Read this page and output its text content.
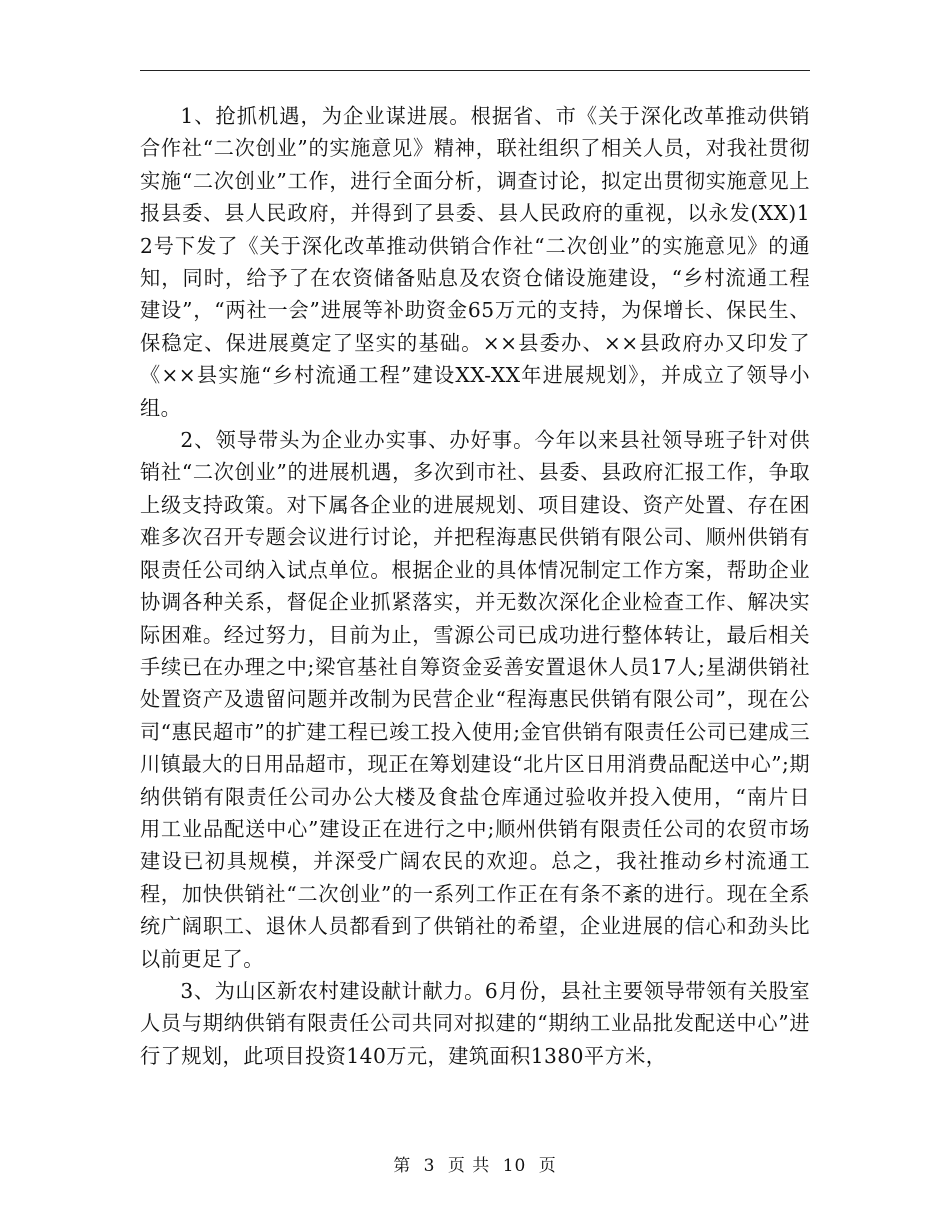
1、抢抓机遇，为企业谋进展。根据省、市《关于深化改革推动供销合作社“二次创业”的实施意见》精神，联社组织了相关人员，对我社贯彻实施“二次创业”工作，进行全面分析，调查讨论，拟定出贯彻实施意见上报县委、县人民政府，并得到了县委、县人民政府的重视，以永发(XX)12号下发了《关于深化改革推动供销合作社“二次创业”的实施意见》的通知，同时，给予了在农资储备贴息及农资仓储设施建设，“乡村流通工程建设”，“两社一会”进展等补助资金65万元的支持，为保增长、保民生、保稳定、保进展奠定了坚实的基础。××县委办、××县政府办又印发了《××县实施“乡村流通工程”建设XX-XX年进展规划》，并成立了领导小组。

2、领导带头为企业办实事、办好事。今年以来县社领导班子针对供销社“二次创业”的进展机遇，多次到市社、县委、县政府汇报工作，争取上级支持政策。对下属各企业的进展规划、项目建设、资产处置、存在困难多次召开专题会议进行讨论，并把程海惠民供销有限公司、顺州供销有限责任公司纳入试点单位。根据企业的具体情况制定工作方案，帮助企业协调各种关系，督促企业抓紧落实，并无数次深化企业检查工作、解决实际困难。经过努力，目前为止，雪源公司已成功进行整体转让，最后相关手续已在办理之中;梁官基社自筹资金妥善安置退休人员17人;星湖供销社处置资产及遗留问题并改制为民营企业“程海惠民供销有限公司”，现在公司“惠民超市”的扩建工程已竣工投入使用;金官供销有限责任公司已建成三川镇最大的日用品超市，现正在筹划建设“北片区日用消费品配送中心”;期纳供销有限责任公司办公大楼及食盐仓库通过验收并投入使用，“南片日用工业品配送中心”建设正在进行之中;顺州供销有限责任公司的农贸市场建设已初具规模，并深受广阔农民的欢迎。总之，我社推动乡村流通工程，加快供销社“二次创业”的一系列工作正在有条不紊的进行。现在全系统广阔职工、退休人员都看到了供销社的希望，企业进展的信心和劲头比以前更足了。

3、为山区新农村建设献计献力。6月份，县社主要领导带领有关股室人员与期纳供销有限责任公司共同对拟建的“期纳工业品批发配送中心”进行了规划，此项目投资140万元，建筑面积1380平方米，

第 3 页 共 10 页
